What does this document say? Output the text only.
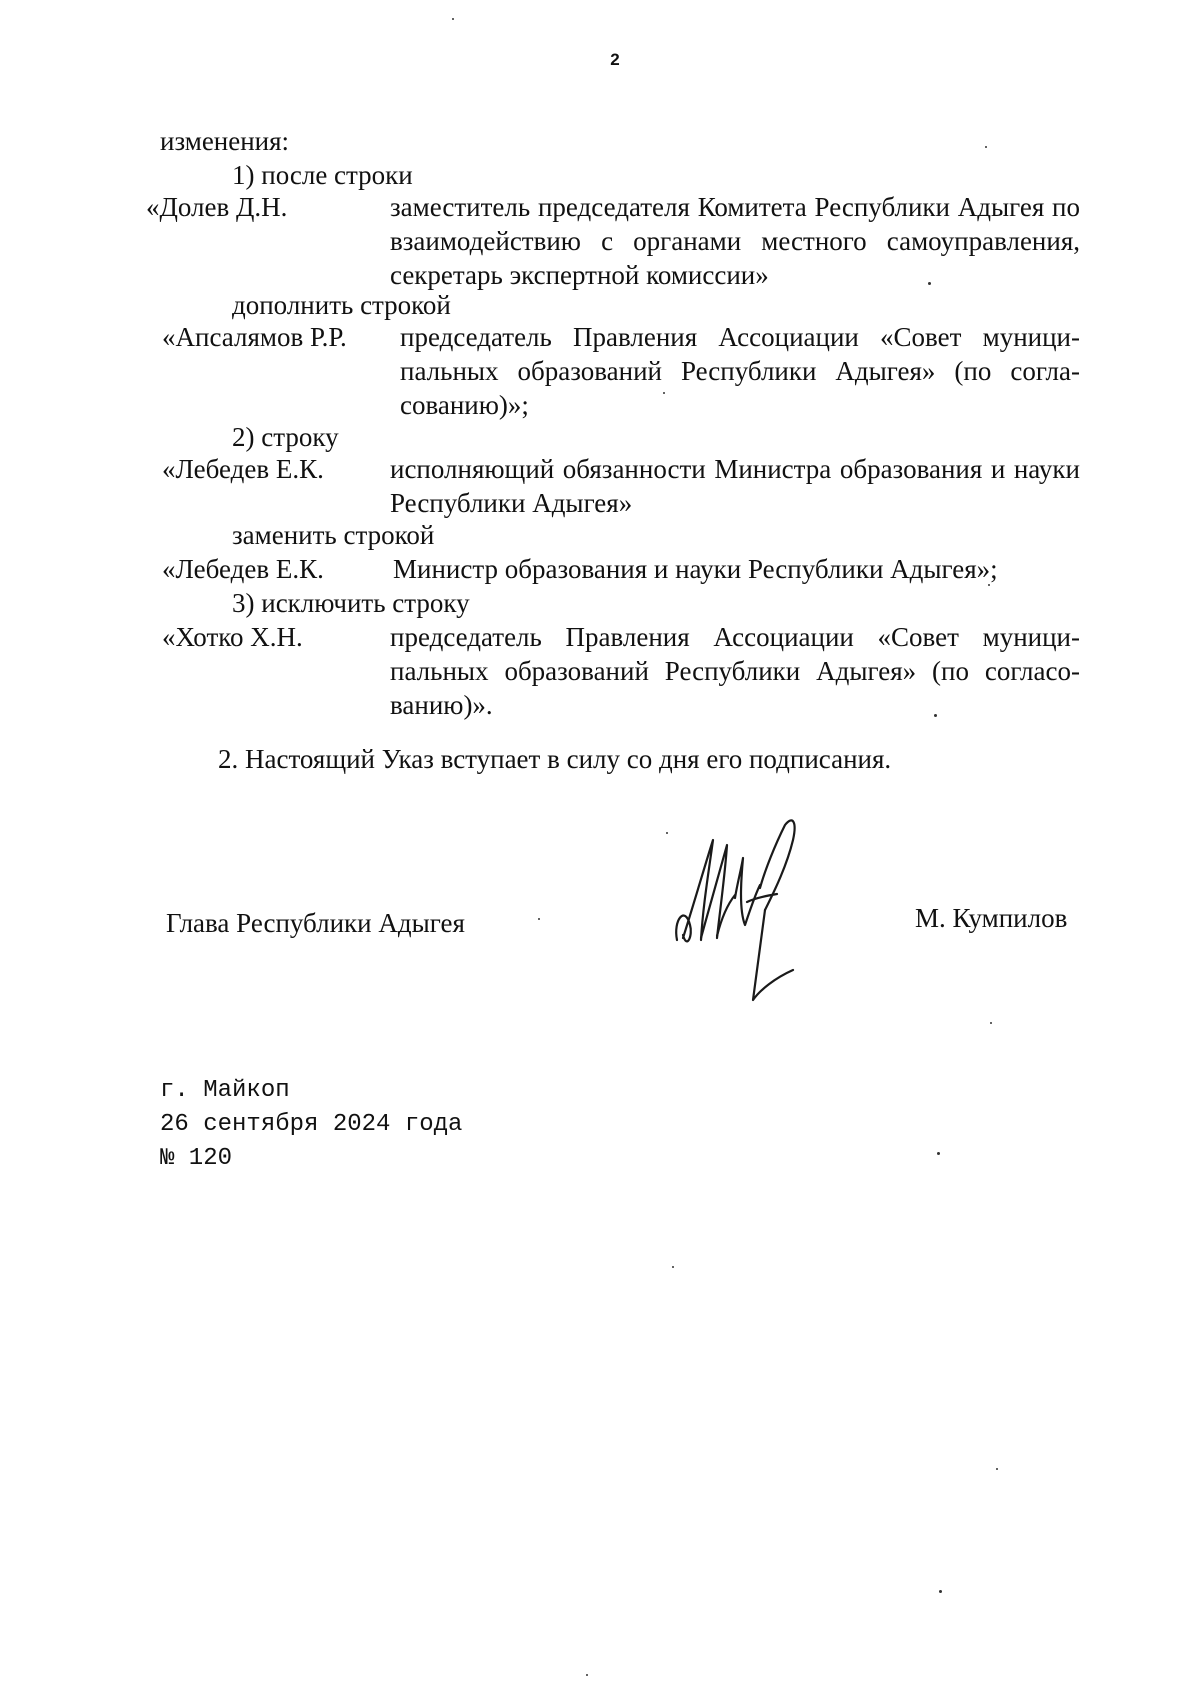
2
изменения:
1) после строки
«Долев Д.Н.	заместитель председателя Комитета Республики Адыгея по взаимодействию с органами местного самоуправления, секретарь экспертной комиссии»
дополнить строкой
«Апсалямов Р.Р. председатель Правления Ассоциации «Совет муниципальных образований Республики Адыгея» (по согласованию)»;
2) строку
«Лебедев Е.К. исполняющий обязанности Министра образования и науки Республики Адыгея»
заменить строкой
«Лебедев Е.К.	Министр образования и науки Республики Адыгея»;
3) исключить строку
«Хотко Х.Н.	председатель Правления Ассоциации «Совет муниципальных образований Республики Адыгея» (по согласованию)».
2. Настоящий Указ вступает в силу со дня его подписания.
Глава Республики Адыгея	М. Кумпилов
г. Майкоп
26 сентября 2024 года
№ 120
